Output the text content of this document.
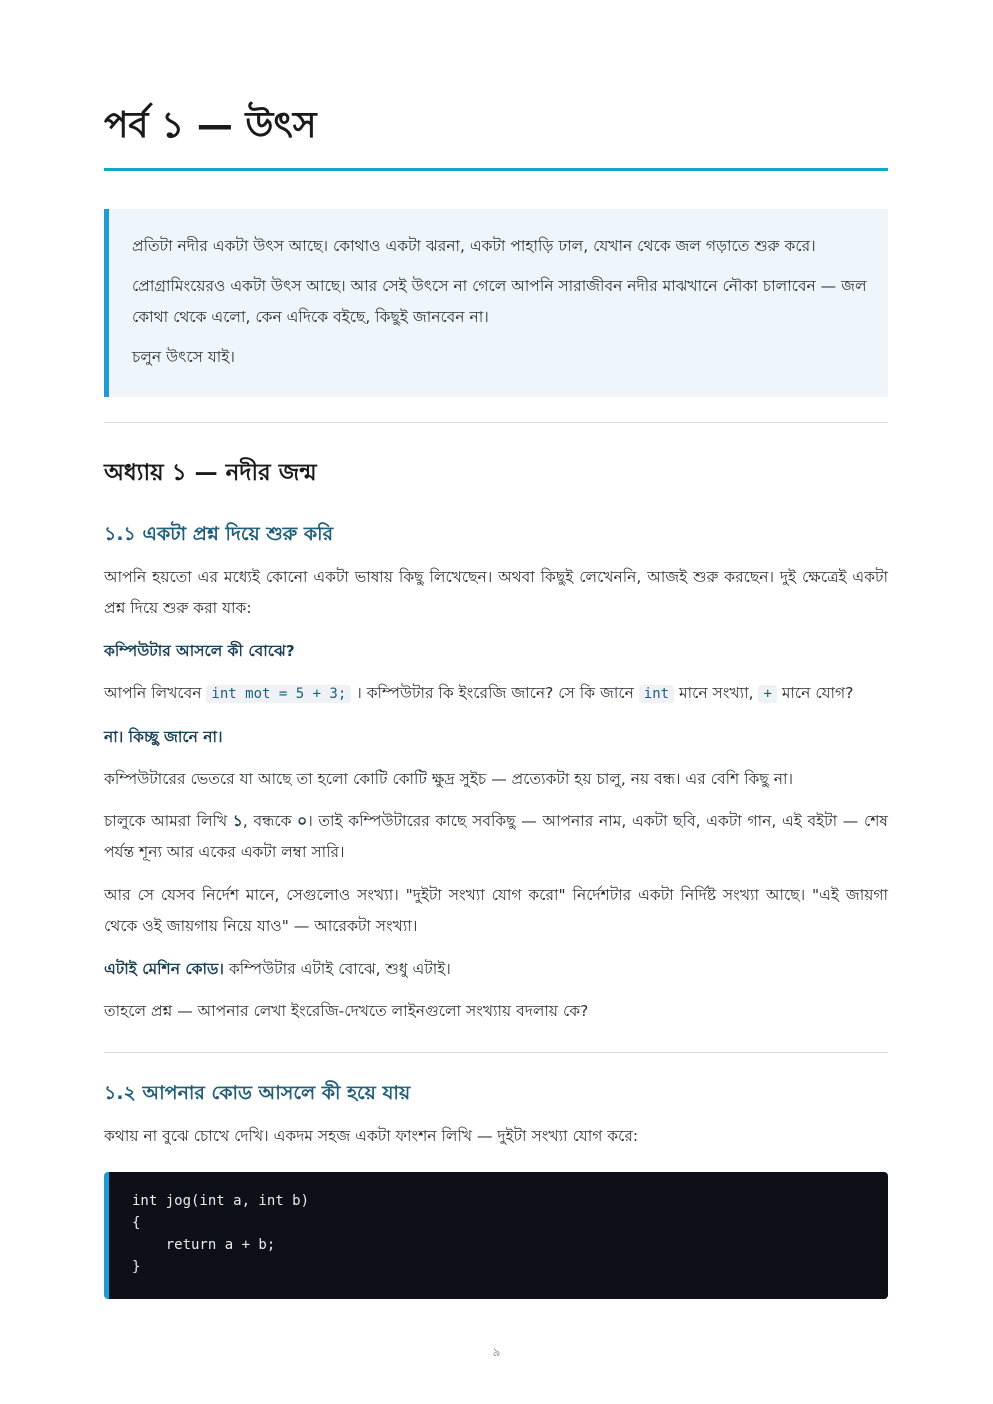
পর্ব ১ — উৎস

প্রতিটা নদীর একটা উৎস আছে। কোথাও একটা ঝরনা, একটা পাহাড়ি ঢাল, যেখান থেকে জল গড়াতে শুরু করে।

প্রোগ্রামিংয়েরও একটা উৎস আছে। আর সেই উৎসে না গেলে আপনি সারাজীবন নদীর মাঝখানে নৌকা চালাবেন — জল কোথা থেকে এলো, কেন এদিকে বইছে, কিছুই জানবেন না।

চলুন উৎসে যাই।

অধ্যায় ১ — নদীর জন্ম
১.১ একটা প্রশ্ন দিয়ে শুরু করি

আপনি হয়তো এর মধ্যেই কোনো একটা ভাষায় কিছু লিখেছেন। অথবা কিছুই লেখেননি, আজই শুরু করছেন। দুই ক্ষেত্রেই একটা প্রশ্ন দিয়ে শুরু করা যাক:

কম্পিউটার আসলে কী বোঝে?

আপনি লিখবেন int mot = 5 + 3; । কম্পিউটার কি ইংরেজি জানে? সে কি জানে int মানে সংখ্যা, + মানে যোগ?

না। কিচ্ছু জানে না।

কম্পিউটারের ভেতরে যা আছে তা হলো কোটি কোটি ক্ষুদ্র সুইচ — প্রত্যেকটা হয় চালু, নয় বন্ধ। এর বেশি কিছু না।

চালুকে আমরা লিখি ১, বন্ধকে ০। তাই কম্পিউটারের কাছে সবকিছু — আপনার নাম, একটা ছবি, একটা গান, এই বইটা — শেষ পর্যন্ত শূন্য আর একের একটা লম্বা সারি।

আর সে যেসব নির্দেশ মানে, সেগুলোও সংখ্যা। "দুইটা সংখ্যা যোগ করো" নির্দেশটার একটা নির্দিষ্ট সংখ্যা আছে। "এই জায়গা থেকে ওই জায়গায় নিয়ে যাও" — আরেকটা সংখ্যা।

এটাই মেশিন কোড। কম্পিউটার এটাই বোঝে, শুধু এটাই।

তাহলে প্রশ্ন — আপনার লেখা ইংরেজি-দেখতে লাইনগুলো সংখ্যায় বদলায় কে?

১.২ আপনার কোড আসলে কী হয়ে যায়

কথায় না বুঝে চোখে দেখি। একদম সহজ একটা ফাংশন লিখি — দুইটা সংখ্যা যোগ করে:

int jog(int a, int b)
{
return a + b;
}
৯
